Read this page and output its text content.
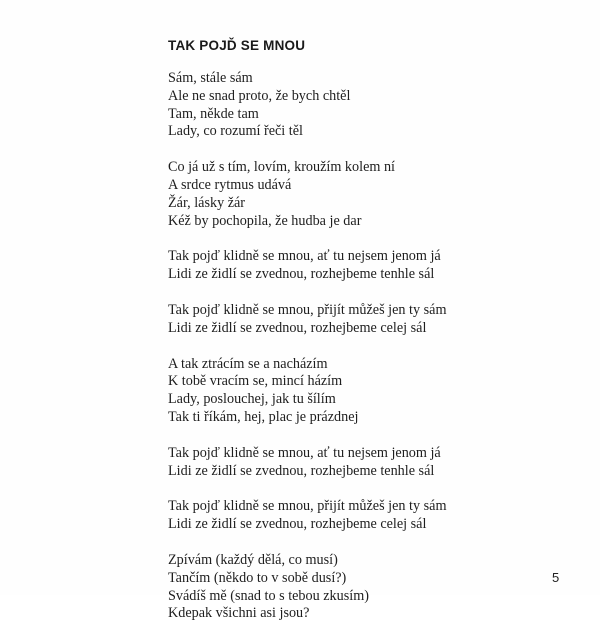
TAK POJĎ SE MNOU
Sám, stále sám
Ale ne snad proto, že bych chtěl
Tam, někde tam
Lady, co rozumí řeči těl
Co já už s tím, lovím, kroužím kolem ní
A srdce rytmus udává
Žár, lásky žár
Kéž by pochopila, že hudba je dar
Tak pojď klidně se mnou, ať tu nejsem jenom já
Lidi ze židlí se zvednou, rozhejbeme tenhle sál
Tak pojď klidně se mnou, přijít můžeš jen ty sám
Lidi ze židlí se zvednou, rozhejbeme celej sál
A tak ztrácím se a nacházím
K tobě vracím se, mincí házím
Lady, poslouchej, jak tu šílím
Tak ti říkám, hej, plac je prázdnej
Tak pojď klidně se mnou, ať tu nejsem jenom já
Lidi ze židlí se zvednou, rozhejbeme tenhle sál
Tak pojď klidně se mnou, přijít můžeš jen ty sám
Lidi ze židlí se zvednou, rozhejbeme celej sál
Zpívám (každý dělá, co musí)
Tančím (někdo to v sobě dusí?)
Svádíš mě (snad to s tebou zkusím)
Kdepak všichni asi jsou?
5
